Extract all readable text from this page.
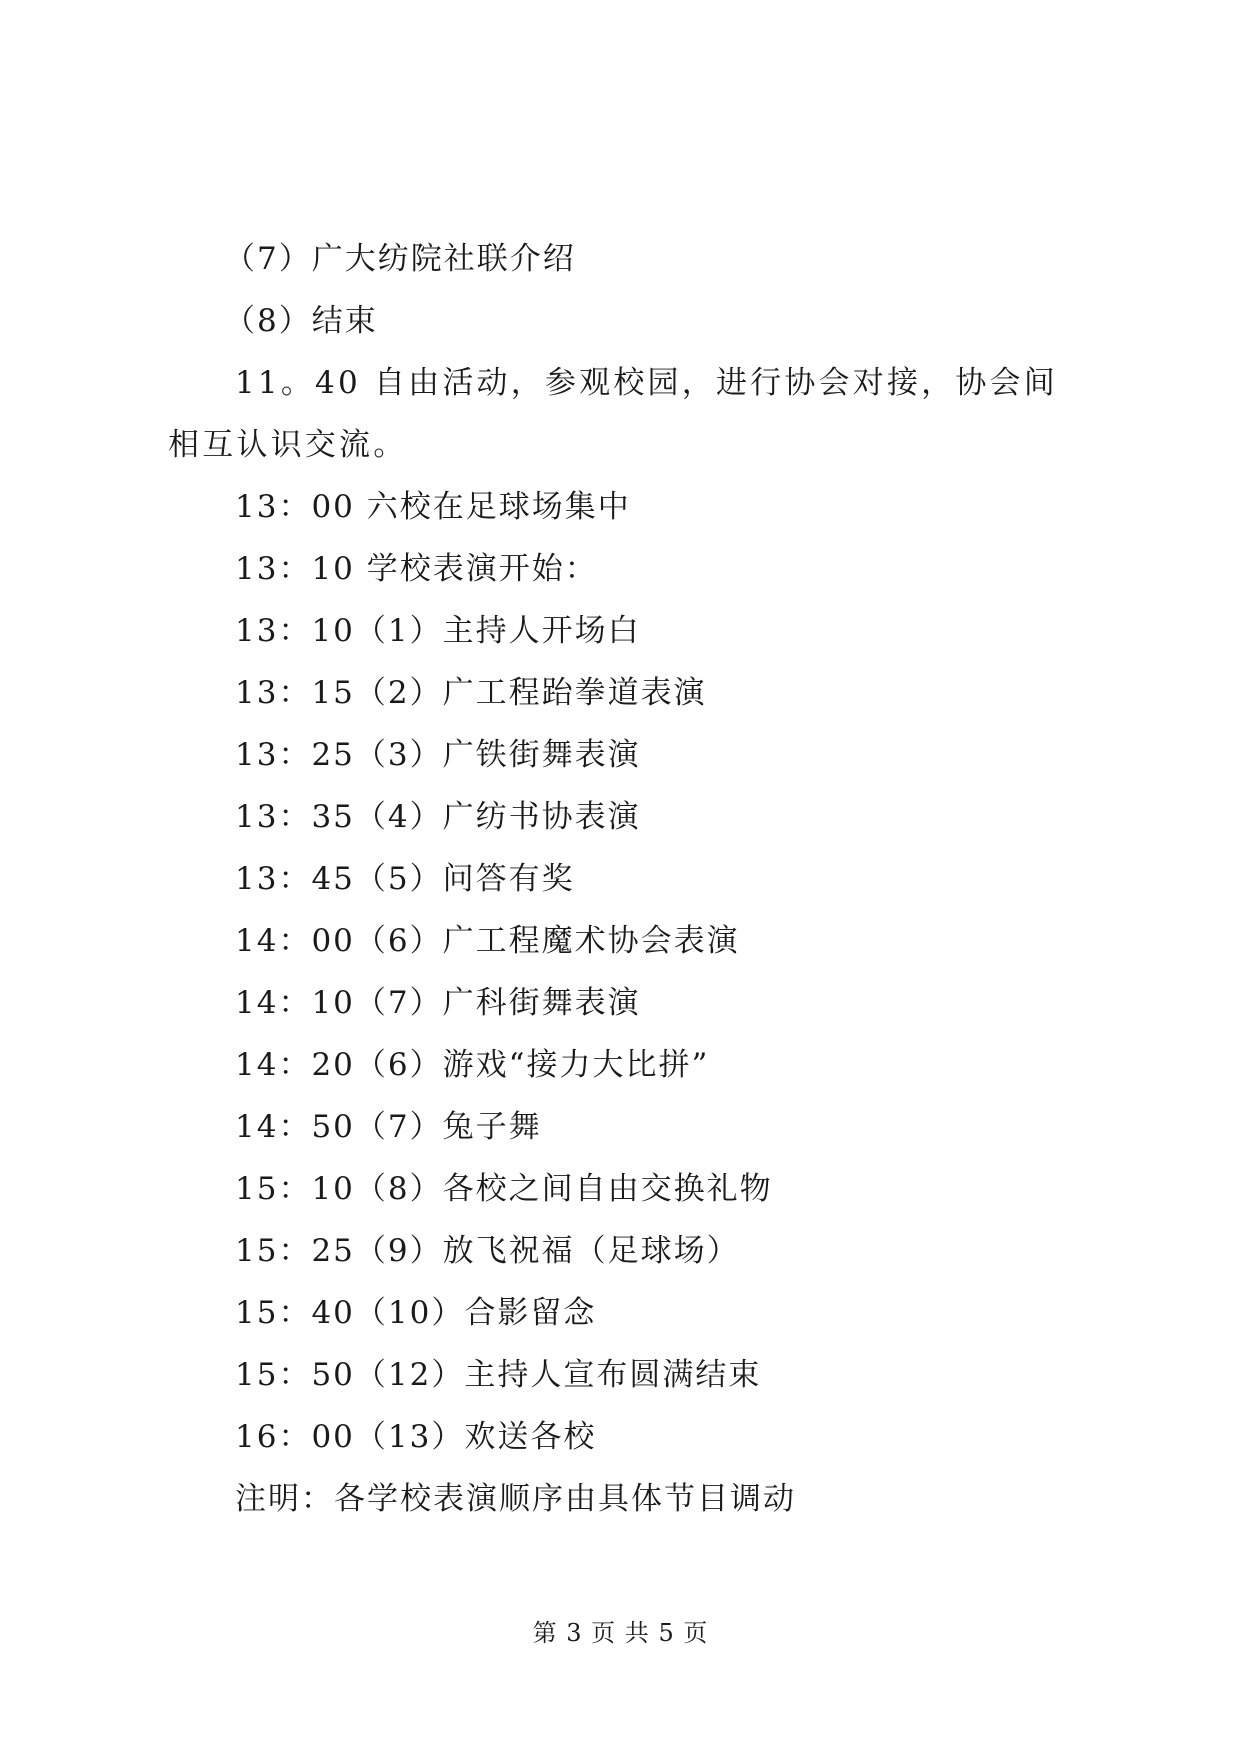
（7）广大纺院社联介绍
（8）结束
11。40 自由活动，参观校园，进行协会对接，协会间相互认识交流。
13：00 六校在足球场集中
13：10 学校表演开始：
13：10（1）主持人开场白
13：15（2）广工程跆拳道表演
13：25（3）广铁街舞表演
13：35（4）广纺书协表演
13：45（5）问答有奖
14：00（6）广工程魔术协会表演
14：10（7）广科街舞表演
14：20（6）游戏“接力大比拼”
14：50（7）兔子舞
15：10（8）各校之间自由交换礼物
15：25（9）放飞祝福（足球场）
15：40（10）合影留念
15：50（12）主持人宣布圆满结束
16：00（13）欢送各校
注明：各学校表演顺序由具体节目调动
第 3 页 共 5 页
